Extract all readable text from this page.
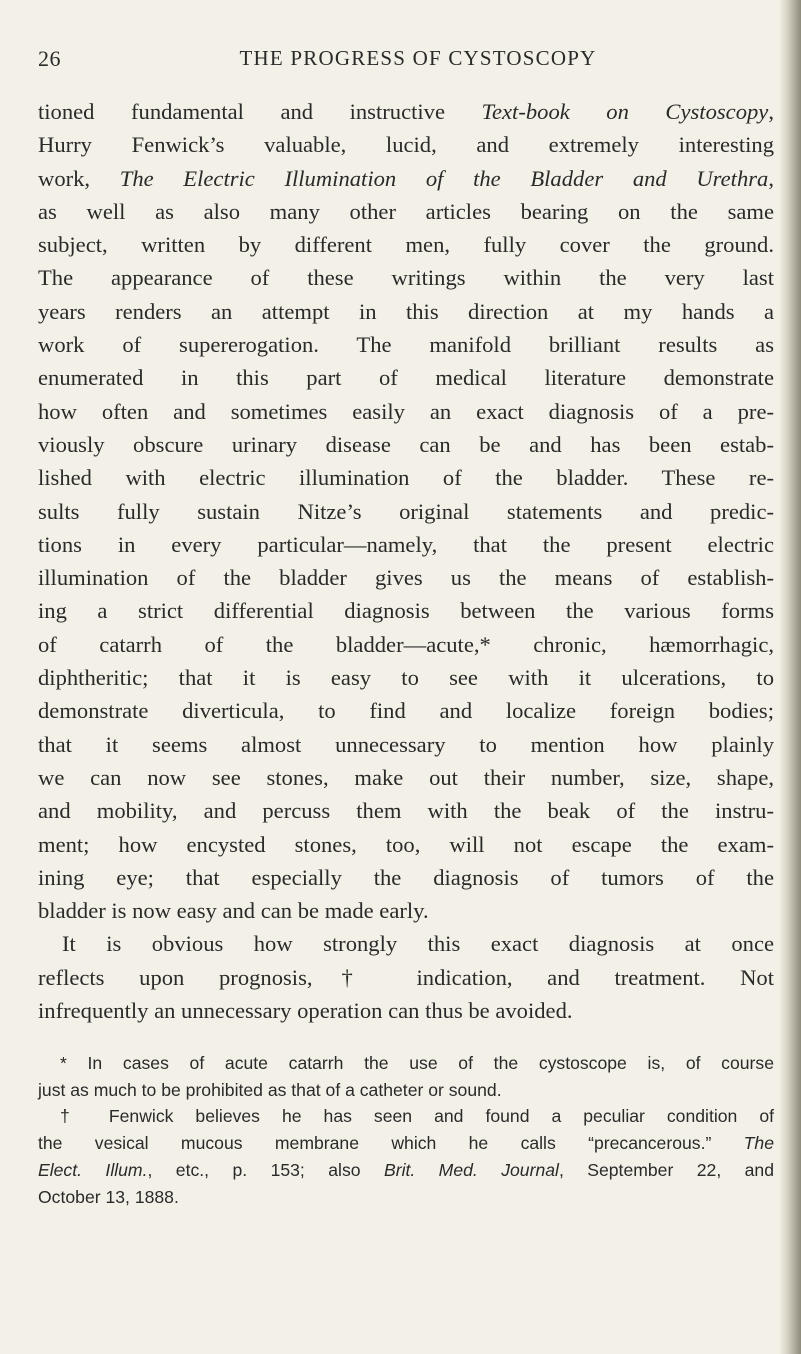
26	THE PROGRESS OF CYSTOSCOPY
tioned fundamental and instructive Text-book on Cystoscopy,
Hurry Fenwick’s valuable, lucid, and extremely interesting
work, The Electric Illumination of the Bladder and Urethra,
as well as also many other articles bearing on the same
subject, written by different men, fully cover the ground.
The appearance of these writings within the very last
years renders an attempt in this direction at my hands a
work of supererogation. The manifold brilliant results as
enumerated in this part of medical literature demonstrate
how often and sometimes easily an exact diagnosis of a pre-
viously obscure urinary disease can be and has been estab-
lished with electric illumination of the bladder. These re-
sults fully sustain Nitze’s original statements and predic-
tions in every particular—namely, that the present electric
illumination of the bladder gives us the means of establish-
ing a strict differential diagnosis between the various forms
of catarrh of the bladder—acute,* chronic, hæmorrhagic,
diphtheritic; that it is easy to see with it ulcerations, to
demonstrate diverticula, to find and localize foreign bodies;
that it seems almost unnecessary to mention how plainly
we can now see stones, make out their number, size, shape,
and mobility, and percuss them with the beak of the instru-
ment; how encysted stones, too, will not escape the exam-
ining eye; that especially the diagnosis of tumors of the
bladder is now easy and can be made early.
It is obvious how strongly this exact diagnosis at once
reflects upon prognosis,† indication, and treatment. Not
infrequently an unnecessary operation can thus be avoided.
* In cases of acute catarrh the use of the cystoscope is, of course
just as much to be prohibited as that of a catheter or sound.
† Fenwick believes he has seen and found a peculiar condition of
the vesical mucous membrane which he calls “precancerous.” The
Elect. Illum., etc., p. 153; also Brit. Med. Journal, September 22, and
October 13, 1888.
